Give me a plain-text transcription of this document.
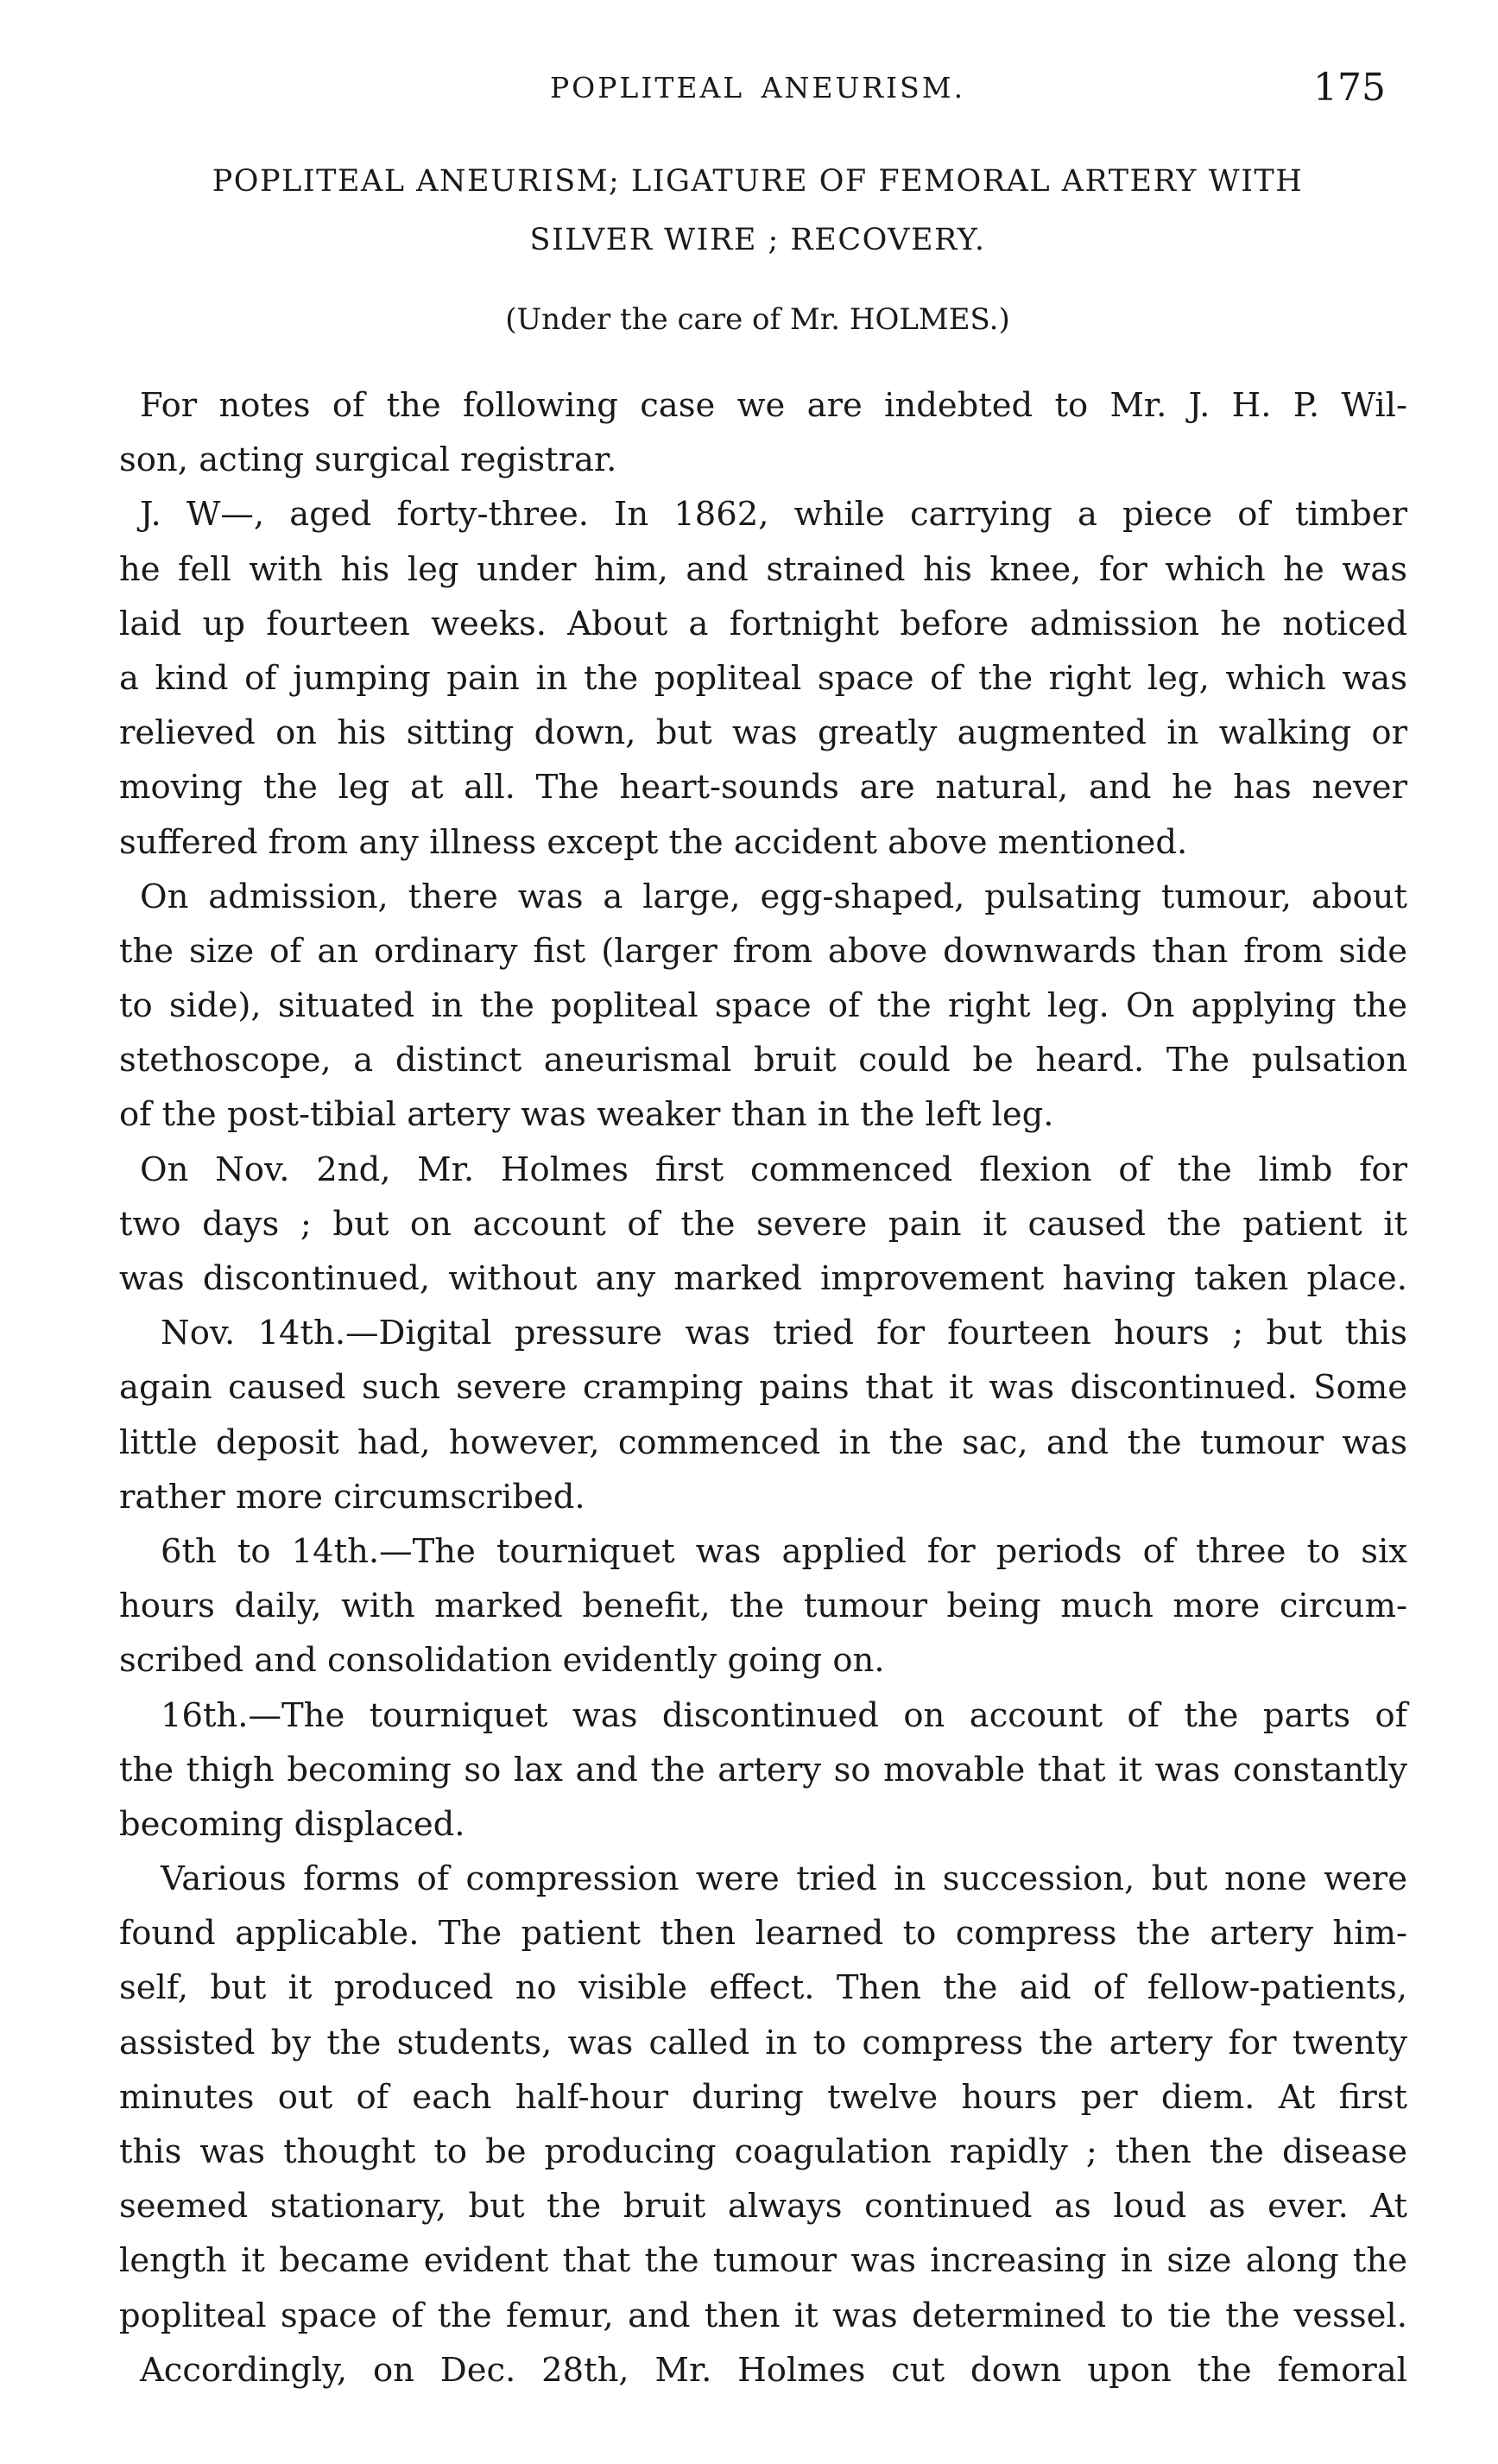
POPLITEAL ANEURISM.	175
POPLITEAL ANEURISM; LIGATURE OF FEMORAL ARTERY WITH
SILVER WIRE ; RECOVERY.
(Under the care of Mr. HOLMES.)
For notes of the following case we are indebted to Mr. J. H. P. Wil-
son, acting surgical registrar.
J. W—, aged forty-three. In 1862, while carrying a piece of timber
he fell with his leg under him, and strained his knee, for which he was
laid up fourteen weeks. About a fortnight before admission he noticed
a kind of jumping pain in the popliteal space of the right leg, which was
relieved on his sitting down, but was greatly augmented in walking or
moving the leg at all. The heart-sounds are natural, and he has never
suffered from any illness except the accident above mentioned.
On admission, there was a large, egg-shaped, pulsating tumour, about
the size of an ordinary fist (larger from above downwards than from side
to side), situated in the popliteal space of the right leg. On applying the
stethoscope, a distinct aneurismal bruit could be heard. The pulsation
of the post-tibial artery was weaker than in the left leg.
On Nov. 2nd, Mr. Holmes first commenced flexion of the limb for
two days ; but on account of the severe pain it caused the patient it
was discontinued, without any marked improvement having taken place.
Nov. 14th.—Digital pressure was tried for fourteen hours ; but this
again caused such severe cramping pains that it was discontinued. Some
little deposit had, however, commenced in the sac, and the tumour was
rather more circumscribed.
6th to 14th.—The tourniquet was applied for periods of three to six
hours daily, with marked benefit, the tumour being much more circum-
scribed and consolidation evidently going on.
16th.—The tourniquet was discontinued on account of the parts of
the thigh becoming so lax and the artery so movable that it was constantly
becoming displaced.
Various forms of compression were tried in succession, but none were
found applicable. The patient then learned to compress the artery him-
self, but it produced no visible effect. Then the aid of fellow-patients,
assisted by the students, was called in to compress the artery for twenty
minutes out of each half-hour during twelve hours per diem. At first
this was thought to be producing coagulation rapidly ; then the disease
seemed stationary, but the bruit always continued as loud as ever. At
length it became evident that the tumour was increasing in size along the
popliteal space of the femur, and then it was determined to tie the vessel.
Accordingly, on Dec. 28th, Mr. Holmes cut down upon the femoral
